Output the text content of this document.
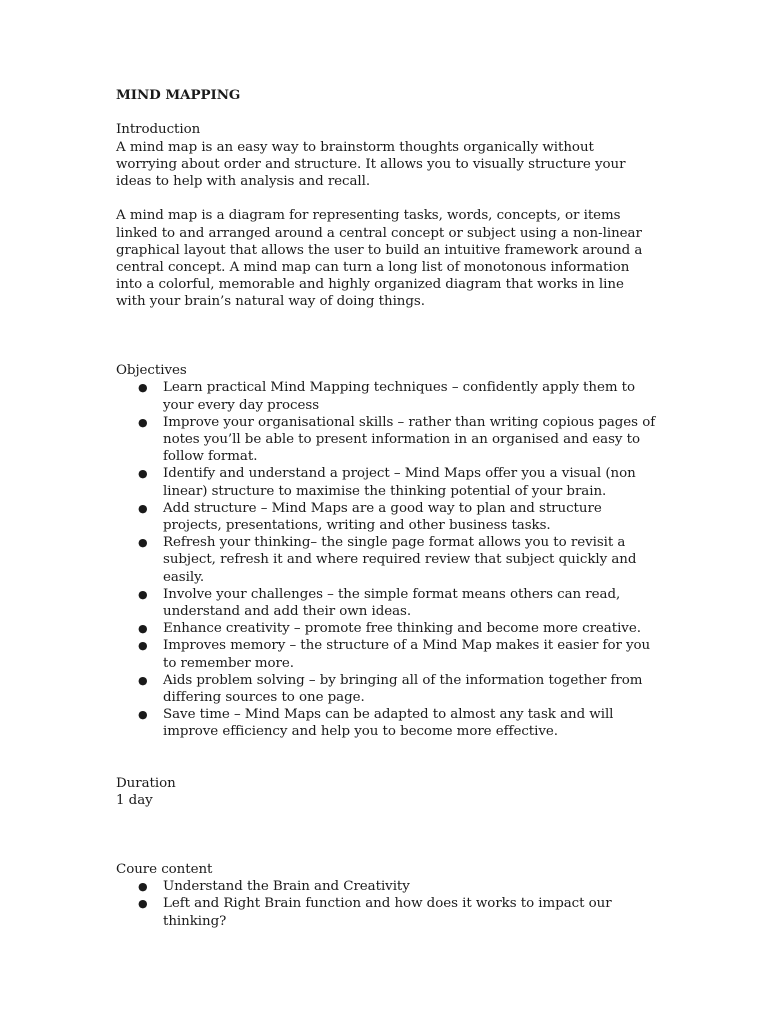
MIND MAPPING

Introduction

A mind map is an easy way to brainstorm thoughts organically without worrying about order and structure. It allows you to visually structure your ideas to help with analysis and recall.

A mind map is a diagram for representing tasks, words, concepts, or items linked to and arranged around a central concept or subject using a non-linear graphical layout that allows the user to build an intuitive framework around a central concept. A mind map can turn a long list of monotonous information into a colorful, memorable and highly organized diagram that works in line with your brain’s natural way of doing things.

Objectives

● Learn practical Mind Mapping techniques – confidently apply them to your every day process
● Improve your organisational skills – rather than writing copious pages of notes you’ll be able to present information in an organised and easy to follow format.
● Identify and understand a project – Mind Maps offer you a visual (non linear) structure to maximise the thinking potential of your brain.
● Add structure – Mind Maps are a good way to plan and structure projects, presentations, writing and other business tasks.
● Refresh your thinking– the single page format allows you to revisit a subject, refresh it and where required review that subject quickly and easily.
● Involve your challenges – the simple format means others can read, understand and add their own ideas.
● Enhance creativity – promote free thinking and become more creative.
● Improves memory – the structure of a Mind Map makes it easier for you to remember more.
● Aids problem solving – by bringing all of the information together from differing sources to one page.
● Save time – Mind Maps can be adapted to almost any task and will improve efficiency and help you to become more effective.

Duration

1 day

Coure content

● Understand the Brain and Creativity
● Left and Right Brain function and how does it works to impact our thinking?
